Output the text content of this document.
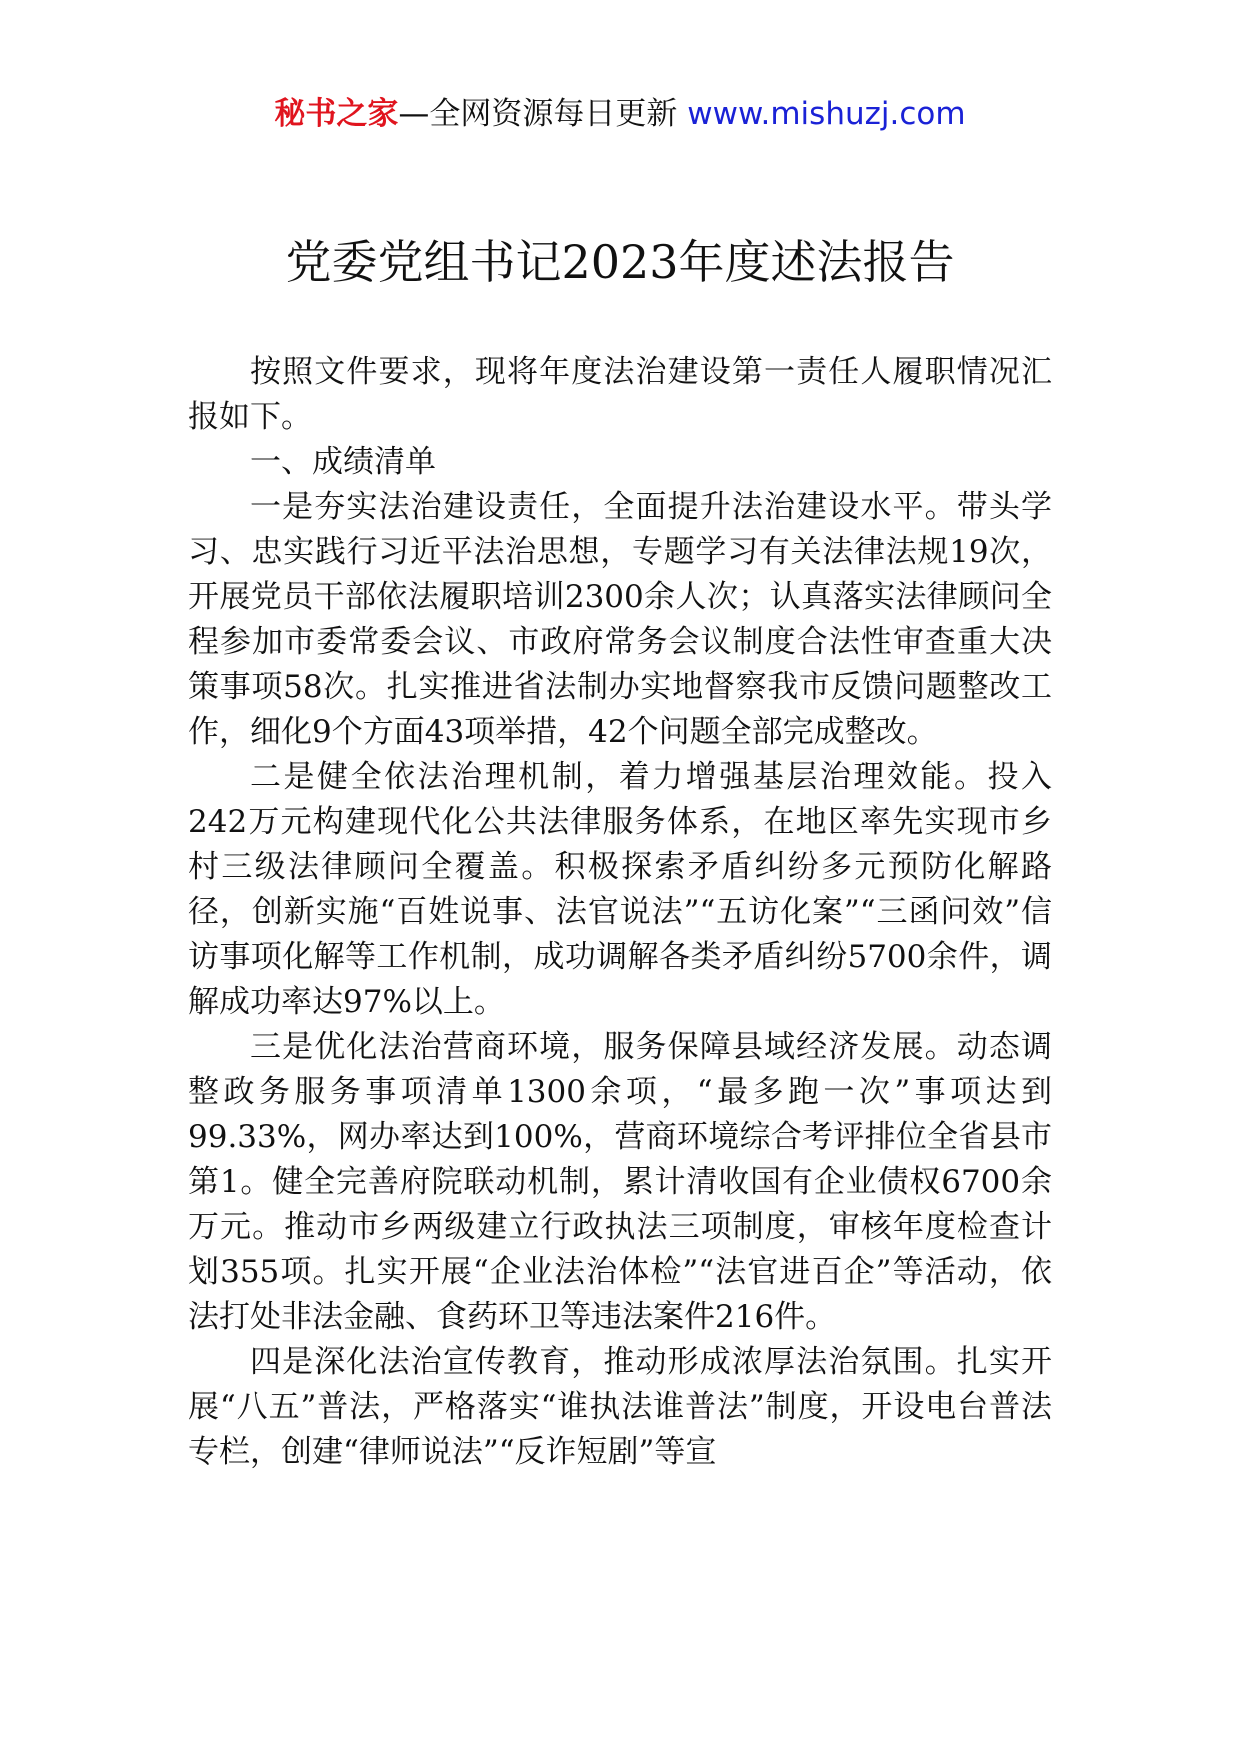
秘书之家—全网资源每日更新 www.mishuzj.com
党委党组书记2023年度述法报告

按照文件要求，现将年度法治建设第一责任人履职情况汇报如下。

一、成绩清单

一是夯实法治建设责任，全面提升法治建设水平。带头学习、忠实践行习近平法治思想，专题学习有关法律法规19次，开展党员干部依法履职培训2300余人次；认真落实法律顾问全程参加市委常委会议、市政府常务会议制度合法性审查重大决策事项58次。扎实推进省法制办实地督察我市反馈问题整改工作，细化9个方面43项举措，42个问题全部完成整改。

二是健全依法治理机制，着力增强基层治理效能。投入242万元构建现代化公共法律服务体系，在地区率先实现市乡村三级法律顾问全覆盖。积极探索矛盾纠纷多元预防化解路径，创新实施“百姓说事、法官说法”“五访化案”“三函问效”信访事项化解等工作机制，成功调解各类矛盾纠纷5700余件，调解成功率达97%以上。

三是优化法治营商环境，服务保障县域经济发展。动态调整政务服务事项清单1300余项，“最多跑一次”事项达到99.33%，网办率达到100%，营商环境综合考评排位全省县市第1。健全完善府院联动机制，累计清收国有企业债权6700余万元。推动市乡两级建立行政执法三项制度，审核年度检查计划355项。扎实开展“企业法治体检”“法官进百企”等活动，依法打处非法金融、食药环卫等违法案件216件。

四是深化法治宣传教育，推动形成浓厚法治氛围。扎实开展“八五”普法，严格落实“谁执法谁普法”制度，开设电台普法专栏，创建“律师说法”“反诈短剧”等宣
